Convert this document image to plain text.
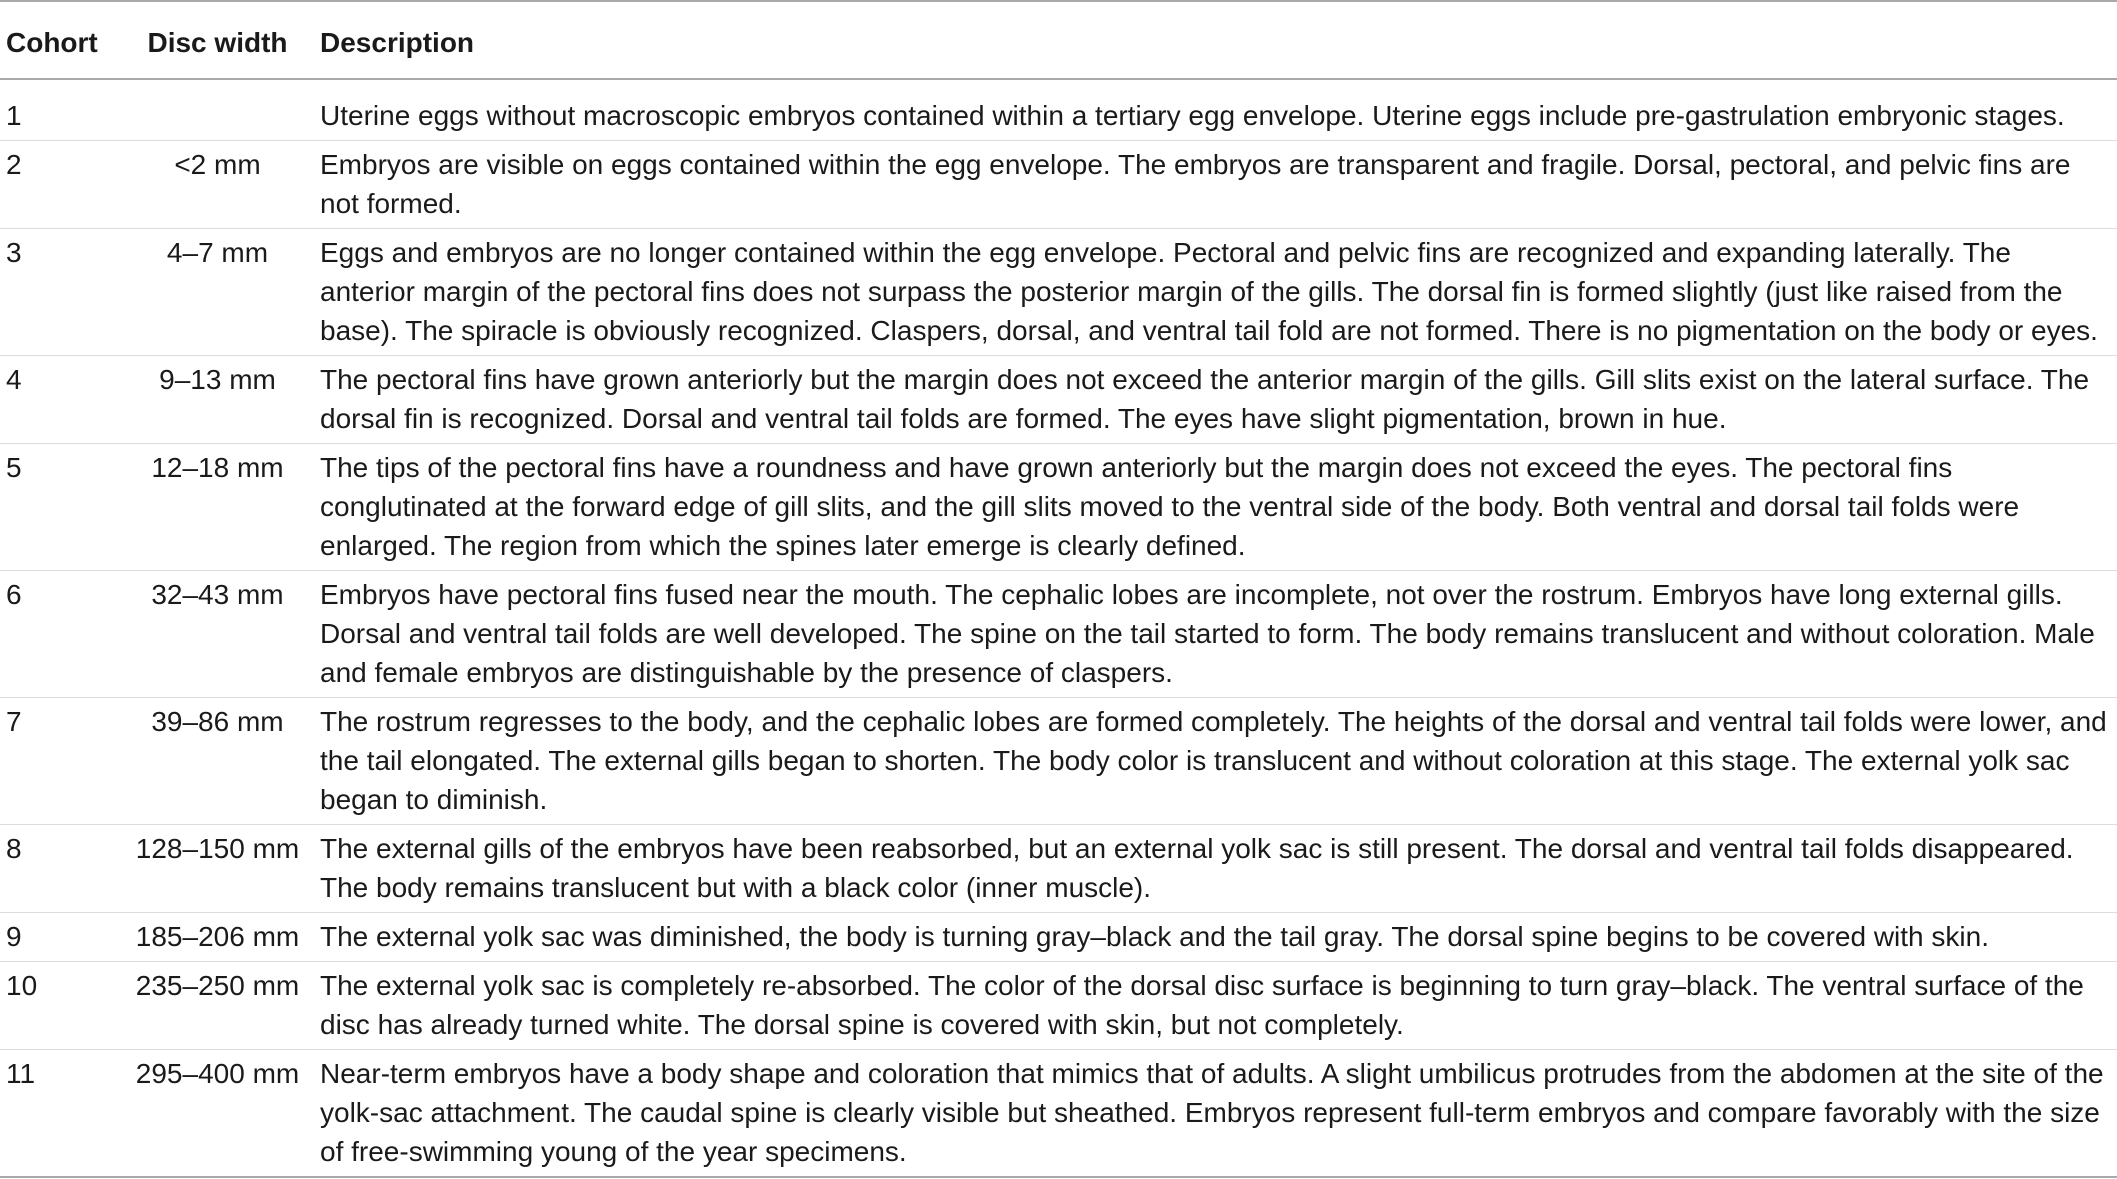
Cohort	Disc width	Description
1		Uterine eggs without macroscopic embryos contained within a tertiary egg envelope. Uterine eggs include pre-gastrulation embryonic stages.
2	<2 mm	Embryos are visible on eggs contained within the egg envelope. The embryos are transparent and fragile. Dorsal, pectoral, and pelvic fins are not formed.
3	4–7 mm	Eggs and embryos are no longer contained within the egg envelope. Pectoral and pelvic fins are recognized and expanding laterally. The anterior margin of the pectoral fins does not surpass the posterior margin of the gills. The dorsal fin is formed slightly (just like raised from the base). The spiracle is obviously recognized. Claspers, dorsal, and ventral tail fold are not formed. There is no pigmentation on the body or eyes.
4	9–13 mm	The pectoral fins have grown anteriorly but the margin does not exceed the anterior margin of the gills. Gill slits exist on the lateral surface. The dorsal fin is recognized. Dorsal and ventral tail folds are formed. The eyes have slight pigmentation, brown in hue.
5	12–18 mm	The tips of the pectoral fins have a roundness and have grown anteriorly but the margin does not exceed the eyes. The pectoral fins conglutinated at the forward edge of gill slits, and the gill slits moved to the ventral side of the body. Both ventral and dorsal tail folds were enlarged. The region from which the spines later emerge is clearly defined.
6	32–43 mm	Embryos have pectoral fins fused near the mouth. The cephalic lobes are incomplete, not over the rostrum. Embryos have long external gills. Dorsal and ventral tail folds are well developed. The spine on the tail started to form. The body remains translucent and without coloration. Male and female embryos are distinguishable by the presence of claspers.
7	39–86 mm	The rostrum regresses to the body, and the cephalic lobes are formed completely. The heights of the dorsal and ventral tail folds were lower, and the tail elongated. The external gills began to shorten. The body color is translucent and without coloration at this stage. The external yolk sac began to diminish.
8	128–150 mm	The external gills of the embryos have been reabsorbed, but an external yolk sac is still present. The dorsal and ventral tail folds disappeared. The body remains translucent but with a black color (inner muscle).
9	185–206 mm	The external yolk sac was diminished, the body is turning gray–black and the tail gray. The dorsal spine begins to be covered with skin.
10	235–250 mm	The external yolk sac is completely re-absorbed. The color of the dorsal disc surface is beginning to turn gray–black. The ventral surface of the disc has already turned white. The dorsal spine is covered with skin, but not completely.
11	295–400 mm	Near-term embryos have a body shape and coloration that mimics that of adults. A slight umbilicus protrudes from the abdomen at the site of the yolk-sac attachment. The caudal spine is clearly visible but sheathed. Embryos represent full-term embryos and compare favorably with the size of free-swimming young of the year specimens.
